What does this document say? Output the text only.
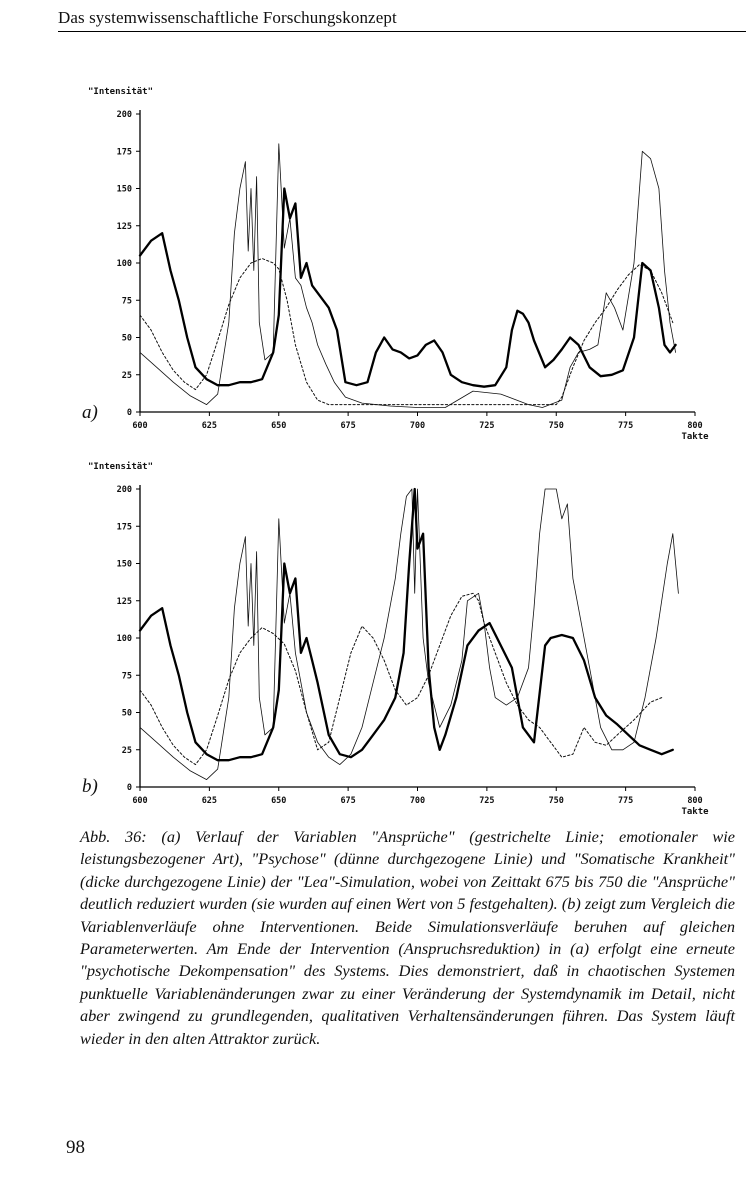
Das systemwissenschaftliche Forschungskonzept
"Intensität"
0
25
50
75
100
125
150
175
200
600	625	650	675	700	725	750	775	800
Takte
a)
"Intensität"
0
25
50
75
100
125
150
175
200
600	625	650	675	700	725	750	775	800
Takte
b)
Abb. 36: (a) Verlauf der Variablen "Ansprüche" (gestrichelte Linie; emotionaler wie leistungsbezogener Art), "Psychose" (dünne durchgezogene Linie) und "Somatische Krankheit" (dicke durchgezogene Linie) der "Lea"-Simulation, wobei von Zeittakt 675 bis 750 die "Ansprüche" deutlich reduziert wurden (sie wurden auf einen Wert von 5 festgehalten). (b) zeigt zum Vergleich die Variablenverläufe ohne Interventionen. Beide Simulationsverläufe beruhen auf gleichen Parameterwerten. Am Ende der Intervention (Anspruchsreduktion) in (a) erfolgt eine erneute "psychotische Dekompensation" des Systems. Dies demonstriert, daß in chaotischen Systemen punktuelle Variablenänderungen zwar zu einer Veränderung der Systemdynamik im Detail, nicht aber zwingend zu grundlegenden, qualitativen Verhaltensänderungen führen. Das System läuft wieder in den alten Attraktor zurück.
98
